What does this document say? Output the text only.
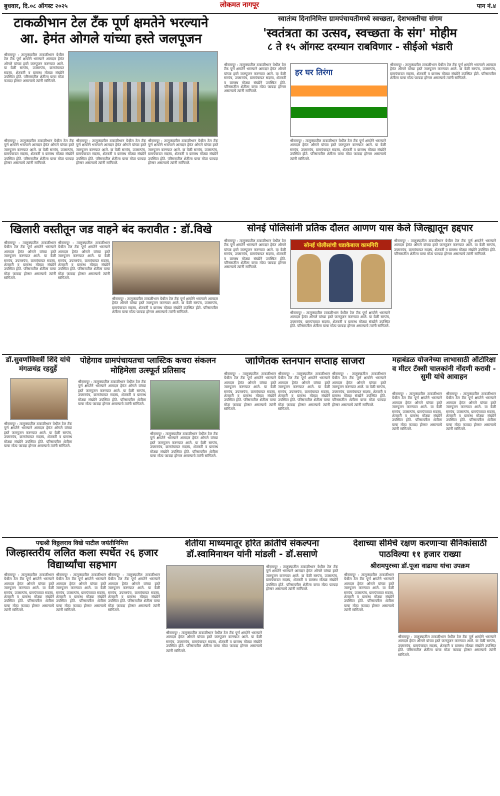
बुधवार, दि.०८ ऑगस्ट २०२५	लोकमत नागपूर	पान नं.४
टाकळीभान टेल टँक पूर्ण क्षमतेने भरल्याने आ. हेमंत ओगले यांच्या हस्ते जलपूजन
श्रीरामपूर : तालुक्यातील टाकळीभान येथील टेल टँक पूर्ण क्षमतेने भरल्याने आमदार हेमंत ओगले यांच्या हस्ते जलपूजन करण्यात आले. या वेळी सरपंच, उपसरपंच, ग्रामपंचायत सदस्य, शेतकरी व ग्रामस्थ मोठ्या संख्येने उपस्थित होते. परिसरातील शेतीला याचा मोठा फायदा होणार असल्याचे त्यांनी सांगितले.
श्रीरामपूर : तालुक्यातील टाकळीभान येथील टेल टँक पूर्ण क्षमतेने भरल्याने आमदार हेमंत ओगले यांच्या हस्ते जलपूजन करण्यात आले. या वेळी सरपंच, उपसरपंच, ग्रामपंचायत सदस्य, शेतकरी व ग्रामस्थ मोठ्या संख्येने उपस्थित होते. परिसरातील शेतीला याचा मोठा फायदा होणार असल्याचे त्यांनी सांगितले.
श्रीरामपूर : तालुक्यातील टाकळीभान येथील टेल टँक पूर्ण क्षमतेने भरल्याने आमदार हेमंत ओगले यांच्या हस्ते जलपूजन करण्यात आले. या वेळी सरपंच, उपसरपंच, ग्रामपंचायत सदस्य, शेतकरी व ग्रामस्थ मोठ्या संख्येने उपस्थित होते. परिसरातील शेतीला याचा मोठा फायदा होणार असल्याचे त्यांनी सांगितले.
श्रीरामपूर : तालुक्यातील टाकळीभान येथील टेल टँक पूर्ण क्षमतेने भरल्याने आमदार हेमंत ओगले यांच्या हस्ते जलपूजन करण्यात आले. या वेळी सरपंच, उपसरपंच, ग्रामपंचायत सदस्य, शेतकरी व ग्रामस्थ मोठ्या संख्येने उपस्थित होते. परिसरातील शेतीला याचा मोठा फायदा होणार असल्याचे त्यांनी सांगितले.
स्वातंत्र्य दिनानिमित्त ग्रामपंचायतीमध्ये स्वच्छता, देशभक्तीचा संगम
'स्वतंत्रता का उत्सव, स्वच्छता के संग' मोहीम
८ ते १५ ऑगस्ट दरम्यान राबविणार - सीईओ भंडारी
श्रीरामपूर : तालुक्यातील टाकळीभान येथील टेल टँक पूर्ण क्षमतेने भरल्याने आमदार हेमंत ओगले यांच्या हस्ते जलपूजन करण्यात आले. या वेळी सरपंच, उपसरपंच, ग्रामपंचायत सदस्य, शेतकरी व ग्रामस्थ मोठ्या संख्येने उपस्थित होते. परिसरातील शेतीला याचा मोठा फायदा होणार असल्याचे त्यांनी सांगितले.
हर घर तिरंगा
श्रीरामपूर : तालुक्यातील टाकळीभान येथील टेल टँक पूर्ण क्षमतेने भरल्याने आमदार हेमंत ओगले यांच्या हस्ते जलपूजन करण्यात आले. या वेळी सरपंच, उपसरपंच, ग्रामपंचायत सदस्य, शेतकरी व ग्रामस्थ मोठ्या संख्येने उपस्थित होते. परिसरातील शेतीला याचा मोठा फायदा होणार असल्याचे त्यांनी सांगितले.
श्रीरामपूर : तालुक्यातील टाकळीभान येथील टेल टँक पूर्ण क्षमतेने भरल्याने आमदार हेमंत ओगले यांच्या हस्ते जलपूजन करण्यात आले. या वेळी सरपंच, उपसरपंच, ग्रामपंचायत सदस्य, शेतकरी व ग्रामस्थ मोठ्या संख्येने उपस्थित होते. परिसरातील शेतीला याचा मोठा फायदा होणार असल्याचे त्यांनी सांगितले.
खिलारी वस्तीतून जड वाहने बंद करावीत : डॉ.विखे
श्रीरामपूर : तालुक्यातील टाकळीभान येथील टेल टँक पूर्ण क्षमतेने भरल्याने आमदार हेमंत ओगले यांच्या हस्ते जलपूजन करण्यात आले. या वेळी सरपंच, उपसरपंच, ग्रामपंचायत सदस्य, शेतकरी व ग्रामस्थ मोठ्या संख्येने उपस्थित होते. परिसरातील शेतीला याचा मोठा फायदा होणार असल्याचे त्यांनी सांगितले.
श्रीरामपूर : तालुक्यातील टाकळीभान येथील टेल टँक पूर्ण क्षमतेने भरल्याने आमदार हेमंत ओगले यांच्या हस्ते जलपूजन करण्यात आले. या वेळी सरपंच, उपसरपंच, ग्रामपंचायत सदस्य, शेतकरी व ग्रामस्थ मोठ्या संख्येने उपस्थित होते. परिसरातील शेतीला याचा मोठा फायदा होणार असल्याचे त्यांनी सांगितले.
श्रीरामपूर : तालुक्यातील टाकळीभान येथील टेल टँक पूर्ण क्षमतेने भरल्याने आमदार हेमंत ओगले यांच्या हस्ते जलपूजन करण्यात आले. या वेळी सरपंच, उपसरपंच, ग्रामपंचायत सदस्य, शेतकरी व ग्रामस्थ मोठ्या संख्येने उपस्थित होते. परिसरातील शेतीला याचा मोठा फायदा होणार असल्याचे त्यांनी सांगितले.
सोनई पोलिसांनी प्रतिक दौलत आणण यास केले जिल्ह्यातून हद्दपार
श्रीरामपूर : तालुक्यातील टाकळीभान येथील टेल टँक पूर्ण क्षमतेने भरल्याने आमदार हेमंत ओगले यांच्या हस्ते जलपूजन करण्यात आले. या वेळी सरपंच, उपसरपंच, ग्रामपंचायत सदस्य, शेतकरी व ग्रामस्थ मोठ्या संख्येने उपस्थित होते. परिसरातील शेतीला याचा मोठा फायदा होणार असल्याचे त्यांनी सांगितले.
सोनई पोलीसांची धडाकेबाज कामगिरी
श्रीरामपूर : तालुक्यातील टाकळीभान येथील टेल टँक पूर्ण क्षमतेने भरल्याने आमदार हेमंत ओगले यांच्या हस्ते जलपूजन करण्यात आले. या वेळी सरपंच, उपसरपंच, ग्रामपंचायत सदस्य, शेतकरी व ग्रामस्थ मोठ्या संख्येने उपस्थित होते. परिसरातील शेतीला याचा मोठा फायदा होणार असल्याचे त्यांनी सांगितले.
श्रीरामपूर : तालुक्यातील टाकळीभान येथील टेल टँक पूर्ण क्षमतेने भरल्याने आमदार हेमंत ओगले यांच्या हस्ते जलपूजन करण्यात आले. या वेळी सरपंच, उपसरपंच, ग्रामपंचायत सदस्य, शेतकरी व ग्रामस्थ मोठ्या संख्येने उपस्थित होते. परिसरातील शेतीला याचा मोठा फायदा होणार असल्याचे त्यांनी सांगितले.
डॉ.सुवर्णाविवर्त्री शिंदे यांचे मंगळचंद्र रहदुर्हे
श्रीरामपूर : तालुक्यातील टाकळीभान येथील टेल टँक पूर्ण क्षमतेने भरल्याने आमदार हेमंत ओगले यांच्या हस्ते जलपूजन करण्यात आले. या वेळी सरपंच, उपसरपंच, ग्रामपंचायत सदस्य, शेतकरी व ग्रामस्थ मोठ्या संख्येने उपस्थित होते. परिसरातील शेतीला याचा मोठा फायदा होणार असल्याचे त्यांनी सांगितले.
पोहेगाव ग्रामपंचायतचा प्लास्टिक कचरा संकलन मोहिमेला उत्स्फूर्त प्रतिसाद
श्रीरामपूर : तालुक्यातील टाकळीभान येथील टेल टँक पूर्ण क्षमतेने भरल्याने आमदार हेमंत ओगले यांच्या हस्ते जलपूजन करण्यात आले. या वेळी सरपंच, उपसरपंच, ग्रामपंचायत सदस्य, शेतकरी व ग्रामस्थ मोठ्या संख्येने उपस्थित होते. परिसरातील शेतीला याचा मोठा फायदा होणार असल्याचे त्यांनी सांगितले.
श्रीरामपूर : तालुक्यातील टाकळीभान येथील टेल टँक पूर्ण क्षमतेने भरल्याने आमदार हेमंत ओगले यांच्या हस्ते जलपूजन करण्यात आले. या वेळी सरपंच, उपसरपंच, ग्रामपंचायत सदस्य, शेतकरी व ग्रामस्थ मोठ्या संख्येने उपस्थित होते. परिसरातील शेतीला याचा मोठा फायदा होणार असल्याचे त्यांनी सांगितले.
जाणितक स्तनपान सप्ताह साजरा
श्रीरामपूर : तालुक्यातील टाकळीभान येथील टेल टँक पूर्ण क्षमतेने भरल्याने आमदार हेमंत ओगले यांच्या हस्ते जलपूजन करण्यात आले. या वेळी सरपंच, उपसरपंच, ग्रामपंचायत सदस्य, शेतकरी व ग्रामस्थ मोठ्या संख्येने उपस्थित होते. परिसरातील शेतीला याचा मोठा फायदा होणार असल्याचे त्यांनी सांगितले.
श्रीरामपूर : तालुक्यातील टाकळीभान येथील टेल टँक पूर्ण क्षमतेने भरल्याने आमदार हेमंत ओगले यांच्या हस्ते जलपूजन करण्यात आले. या वेळी सरपंच, उपसरपंच, ग्रामपंचायत सदस्य, शेतकरी व ग्रामस्थ मोठ्या संख्येने उपस्थित होते. परिसरातील शेतीला याचा मोठा फायदा होणार असल्याचे त्यांनी सांगितले.
श्रीरामपूर : तालुक्यातील टाकळीभान येथील टेल टँक पूर्ण क्षमतेने भरल्याने आमदार हेमंत ओगले यांच्या हस्ते जलपूजन करण्यात आले. या वेळी सरपंच, उपसरपंच, ग्रामपंचायत सदस्य, शेतकरी व ग्रामस्थ मोठ्या संख्येने उपस्थित होते. परिसरातील शेतीला याचा मोठा फायदा होणार असल्याचे त्यांनी सांगितले.
महाबंडळ योजनेच्या लाभासाठी ऑटोरिक्षा व मीटर टॅक्सी चालकांनी नोंदणी करावी - सुमी यांचे आवाहन
श्रीरामपूर : तालुक्यातील टाकळीभान येथील टेल टँक पूर्ण क्षमतेने भरल्याने आमदार हेमंत ओगले यांच्या हस्ते जलपूजन करण्यात आले. या वेळी सरपंच, उपसरपंच, ग्रामपंचायत सदस्य, शेतकरी व ग्रामस्थ मोठ्या संख्येने उपस्थित होते. परिसरातील शेतीला याचा मोठा फायदा होणार असल्याचे त्यांनी सांगितले.
श्रीरामपूर : तालुक्यातील टाकळीभान येथील टेल टँक पूर्ण क्षमतेने भरल्याने आमदार हेमंत ओगले यांच्या हस्ते जलपूजन करण्यात आले. या वेळी सरपंच, उपसरपंच, ग्रामपंचायत सदस्य, शेतकरी व ग्रामस्थ मोठ्या संख्येने उपस्थित होते. परिसरातील शेतीला याचा मोठा फायदा होणार असल्याचे त्यांनी सांगितले.
पद्मश्री विठ्ठलराव विखे पाटील जयंतीनिमित्त
जिल्हास्तरीय ललित कला स्पर्धेत २६ हजार विद्यार्थ्यांचा सहभाग
श्रीरामपूर : तालुक्यातील टाकळीभान येथील टेल टँक पूर्ण क्षमतेने भरल्याने आमदार हेमंत ओगले यांच्या हस्ते जलपूजन करण्यात आले. या वेळी सरपंच, उपसरपंच, ग्रामपंचायत सदस्य, शेतकरी व ग्रामस्थ मोठ्या संख्येने उपस्थित होते. परिसरातील शेतीला याचा मोठा फायदा होणार असल्याचे त्यांनी सांगितले.
श्रीरामपूर : तालुक्यातील टाकळीभान येथील टेल टँक पूर्ण क्षमतेने भरल्याने आमदार हेमंत ओगले यांच्या हस्ते जलपूजन करण्यात आले. या वेळी सरपंच, उपसरपंच, ग्रामपंचायत सदस्य, शेतकरी व ग्रामस्थ मोठ्या संख्येने उपस्थित होते. परिसरातील शेतीला याचा मोठा फायदा होणार असल्याचे त्यांनी सांगितले.
श्रीरामपूर : तालुक्यातील टाकळीभान येथील टेल टँक पूर्ण क्षमतेने भरल्याने आमदार हेमंत ओगले यांच्या हस्ते जलपूजन करण्यात आले. या वेळी सरपंच, उपसरपंच, ग्रामपंचायत सदस्य, शेतकरी व ग्रामस्थ मोठ्या संख्येने उपस्थित होते. परिसरातील शेतीला याचा मोठा फायदा होणार असल्याचे त्यांनी सांगितले.
शेतीया माध्यमातूर हरित क्रांतीचे संकल्पना डॉ.स्वामिनाथन यांनी मांडली - डॉ.ससाणे
श्रीरामपूर : तालुक्यातील टाकळीभान येथील टेल टँक पूर्ण क्षमतेने भरल्याने आमदार हेमंत ओगले यांच्या हस्ते जलपूजन करण्यात आले. या वेळी सरपंच, उपसरपंच, ग्रामपंचायत सदस्य, शेतकरी व ग्रामस्थ मोठ्या संख्येने उपस्थित होते. परिसरातील शेतीला याचा मोठा फायदा होणार असल्याचे त्यांनी सांगितले.
श्रीरामपूर : तालुक्यातील टाकळीभान येथील टेल टँक पूर्ण क्षमतेने भरल्याने आमदार हेमंत ओगले यांच्या हस्ते जलपूजन करण्यात आले. या वेळी सरपंच, उपसरपंच, ग्रामपंचायत सदस्य, शेतकरी व ग्रामस्थ मोठ्या संख्येने उपस्थित होते. परिसरातील शेतीला याचा मोठा फायदा होणार असल्याचे त्यांनी सांगितले.
देशाच्या सीमेचे रक्षण करणाऱ्या सैनिकांसाठी पाठविल्या ११ हजार राख्या
श्रीरामपुरच्या डॉ.पूजा वाढाया यांचा उपक्रम
श्रीरामपूर : तालुक्यातील टाकळीभान येथील टेल टँक पूर्ण क्षमतेने भरल्याने आमदार हेमंत ओगले यांच्या हस्ते जलपूजन करण्यात आले. या वेळी सरपंच, उपसरपंच, ग्रामपंचायत सदस्य, शेतकरी व ग्रामस्थ मोठ्या संख्येने उपस्थित होते. परिसरातील शेतीला याचा मोठा फायदा होणार असल्याचे त्यांनी सांगितले.
श्रीरामपूर : तालुक्यातील टाकळीभान येथील टेल टँक पूर्ण क्षमतेने भरल्याने आमदार हेमंत ओगले यांच्या हस्ते जलपूजन करण्यात आले. या वेळी सरपंच, उपसरपंच, ग्रामपंचायत सदस्य, शेतकरी व ग्रामस्थ मोठ्या संख्येने उपस्थित होते. परिसरातील शेतीला याचा मोठा फायदा होणार असल्याचे त्यांनी सांगितले.
